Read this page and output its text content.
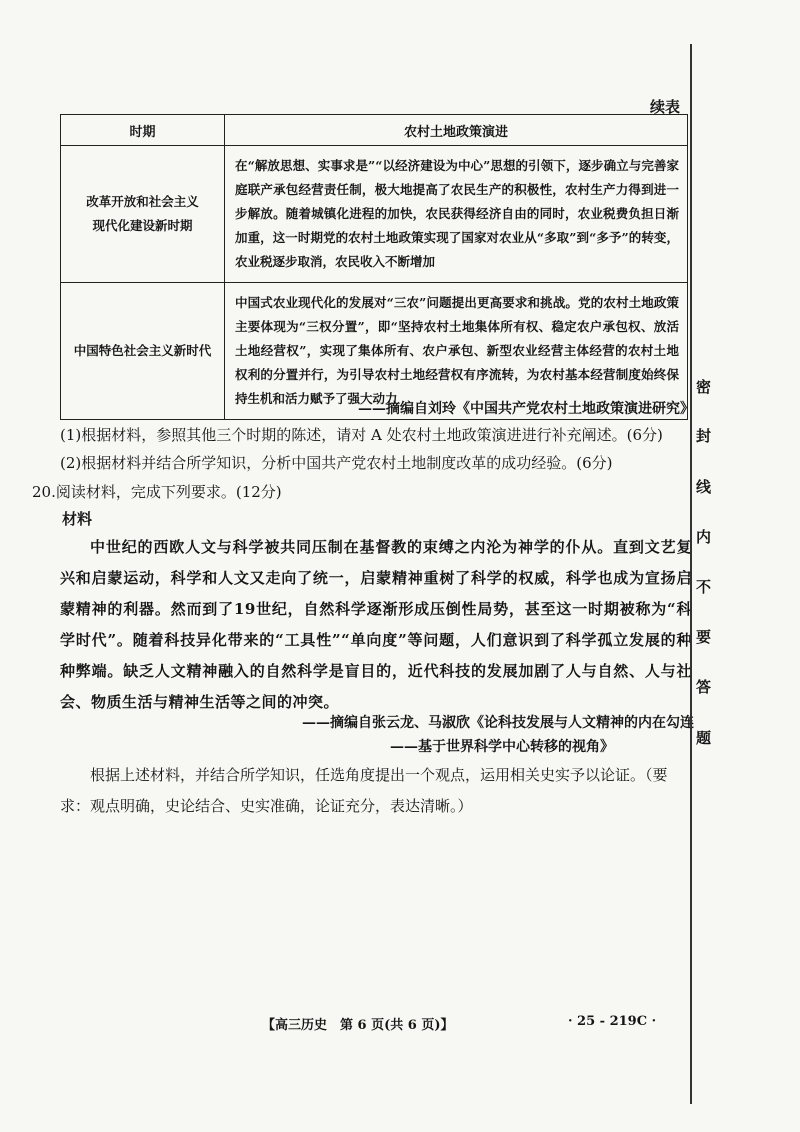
续表
时期	农村土地政策演进

改革开放和社会主义
现代化建设新时期	在“解放思想、实事求是”“以经济建设为中心”思想的引领下，逐步确立与完善家庭联产承包经营责任制，极大地提高了农民生产的积极性，农村生产力得到进一步解放。随着城镇化进程的加快，农民获得经济自由的同时，农业税费负担日渐加重，这一时期党的农村土地政策实现了国家对农业从“多取”到“多予”的转变，农业税逐步取消，农民收入不断增加

中国特色社会主义新时代	中国式农业现代化的发展对“三农”问题提出更高要求和挑战。党的农村土地政策主要体现为“三权分置”，即“坚持农村土地集体所有权、稳定农户承包权、放活土地经营权”，实现了集体所有、农户承包、新型农业经营主体经营的农村土地权利的分置并行，为引导农村土地经营权有序流转，为农村基本经营制度始终保持生机和活力赋予了强大动力
——摘编自刘玲《中国共产党农村土地政策演进研究》
(1)根据材料，参照其他三个时期的陈述，请对 A 处农村土地政策演进进行补充阐述。(6分)
(2)根据材料并结合所学知识，分析中国共产党农村土地制度改革的成功经验。(6分)
20.阅读材料，完成下列要求。(12分)
材料
中世纪的西欧人文与科学被共同压制在基督教的束缚之内沦为神学的仆从。直到文艺复兴和启蒙运动，科学和人文又走向了统一，启蒙精神重树了科学的权威，科学也成为宣扬启蒙精神的利器。然而到了19世纪，自然科学逐渐形成压倒性局势，甚至这一时期被称为“科学时代”。随着科技异化带来的“工具性”“单向度”等问题，人们意识到了科学孤立发展的种种弊端。缺乏人文精神融入的自然科学是盲目的，近代科技的发展加剧了人与自然、人与社会、物质生活与精神生活等之间的冲突。
——摘编自张云龙、马淑欣《论科技发展与人文精神的内在勾连
——基于世界科学中心转移的视角》
根据上述材料，并结合所学知识，任选角度提出一个观点，运用相关史实予以论证。（要求：观点明确，史论结合、史实准确，论证充分，表达清晰。）
密
封
线
内
不
要
答
题
【高三历史　第 6 页(共 6 页)】	· 25 - 219C ·
